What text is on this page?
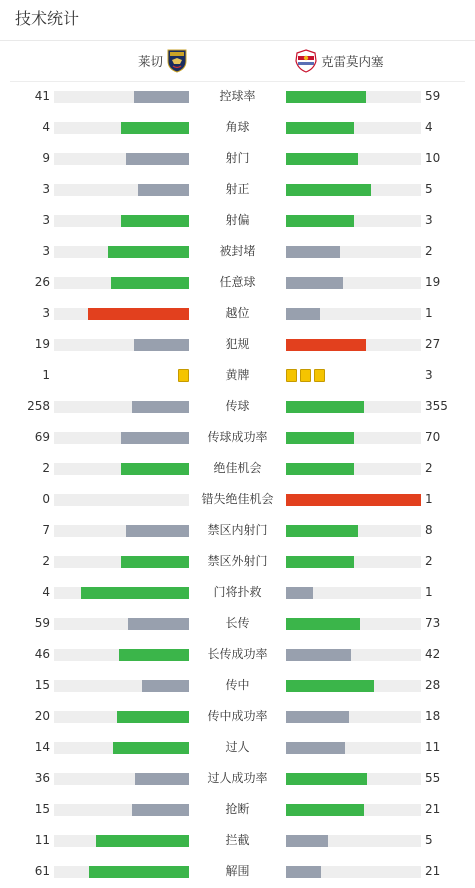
技术统计
莱切	克雷莫内塞
41	控球率	59
4	角球	4
9	射门	10
3	射正	5
3	射偏	3
3	被封堵	2
26	任意球	19
3	越位	1
19	犯规	27
1	黄牌	3
258	传球	355
69	传球成功率	70
2	绝佳机会	2
0	错失绝佳机会	1
7	禁区内射门	8
2	禁区外射门	2
4	门将扑救	1
59	长传	73
46	长传成功率	42
15	传中	28
20	传中成功率	18
14	过人	11
36	过人成功率	55
15	抢断	21
11	拦截	5
61	解围	21
